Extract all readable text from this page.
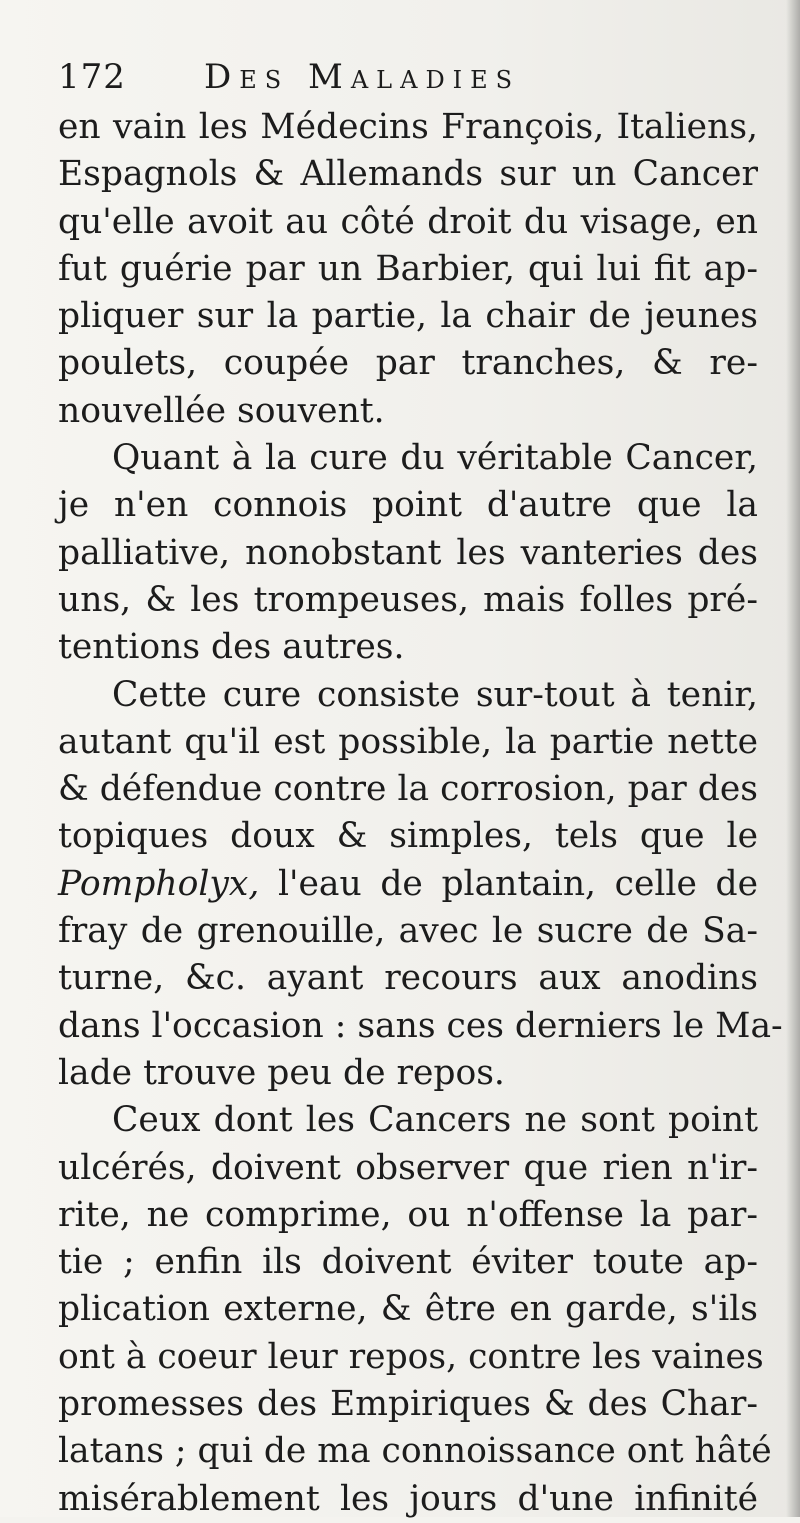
172 Des Maladies
en vain les Médecins François, Italiens,
Espagnols & Allemands sur un Cancer
qu'elle avoit au côté droit du visage, en
fut guérie par un Barbier, qui lui fit ap-
pliquer sur la partie, la chair de jeunes
poulets, coupée par tranches, & re-
nouvellée souvent.
Quant à la cure du véritable Cancer,
je n'en connois point d'autre que la
palliative, nonobstant les vanteries des
uns, & les trompeuses, mais folles pré-
tentions des autres.
Cette cure consiste sur-tout à tenir,
autant qu'il est possible, la partie nette
& défendue contre la corrosion, par des
topiques doux & simples, tels que le
Pompholyx, l'eau de plantain, celle de
fray de grenouille, avec le sucre de Sa-
turne, &c. ayant recours aux anodins
dans l'occasion : sans ces derniers le Ma-
lade trouve peu de repos.
Ceux dont les Cancers ne sont point
ulcérés, doivent observer que rien n'ir-
rite, ne comprime, ou n'offense la par-
tie ; enfin ils doivent éviter toute ap-
plication externe, & être en garde, s'ils
ont à coeur leur repos, contre les vaines
promesses des Empiriques & des Char-
latans ; qui de ma connoissance ont hâté
misérablement les jours d'une infinité
